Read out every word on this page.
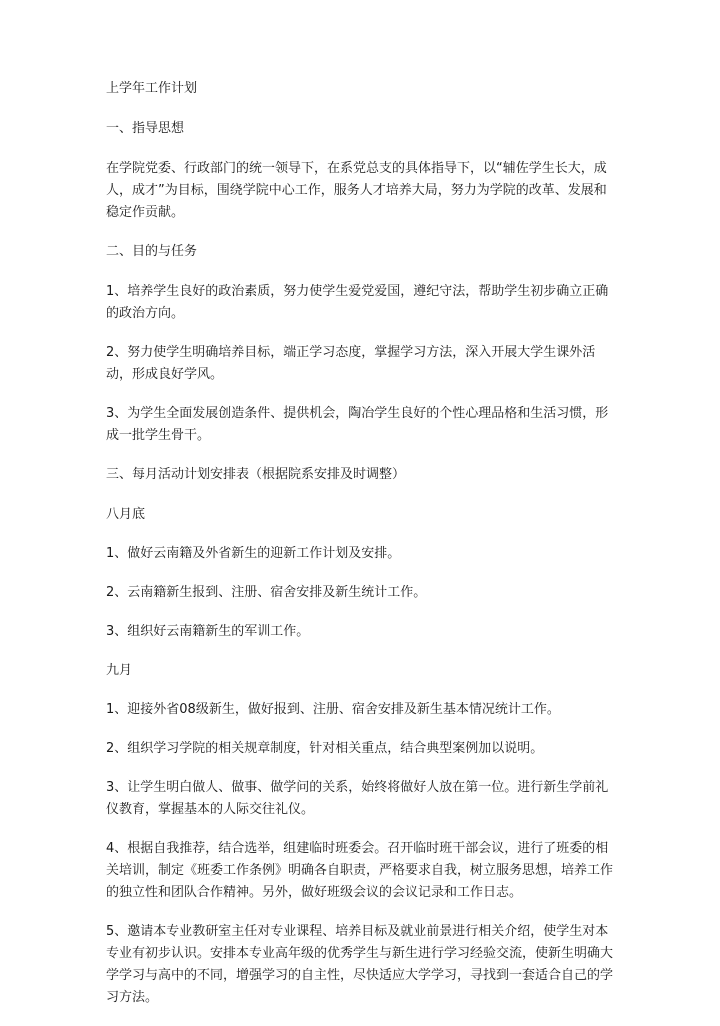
上学年工作计划

一、指导思想

在学院党委、行政部门的统一领导下，在系党总支的具体指导下，以“辅佐学生长大，成人，成才”为目标，围绕学院中心工作，服务人才培养大局，努力为学院的改革、发展和稳定作贡献。

二、目的与任务

1、培养学生良好的政治素质，努力使学生爱党爱国，遵纪守法，帮助学生初步确立正确的政治方向。

2、努力使学生明确培养目标，端正学习态度，掌握学习方法，深入开展大学生课外活动，形成良好学风。

3、为学生全面发展创造条件、提供机会，陶冶学生良好的个性心理品格和生活习惯，形成一批学生骨干。

三、每月活动计划安排表（根据院系安排及时调整）

八月底

1、做好云南籍及外省新生的迎新工作计划及安排。

2、云南籍新生报到、注册、宿舍安排及新生统计工作。

3、组织好云南籍新生的军训工作。

九月

1、迎接外省08级新生，做好报到、注册、宿舍安排及新生基本情况统计工作。

2、组织学习学院的相关规章制度，针对相关重点，结合典型案例加以说明。

3、让学生明白做人、做事、做学问的关系，始终将做好人放在第一位。进行新生学前礼仪教育，掌握基本的人际交往礼仪。

4、根据自我推荐，结合选举，组建临时班委会。召开临时班干部会议，进行了班委的相关培训，制定《班委工作条例》明确各自职责，严格要求自我，树立服务思想，培养工作的独立性和团队合作精神。另外，做好班级会议的会议记录和工作日志。

5、邀请本专业教研室主任对专业课程、培养目标及就业前景进行相关介绍，使学生对本专业有初步认识。安排本专业高年级的优秀学生与新生进行学习经验交流，使新生明确大学学习与高中的不同，增强学习的自主性，尽快适应大学学习，寻找到一套适合自己的学习方法。
